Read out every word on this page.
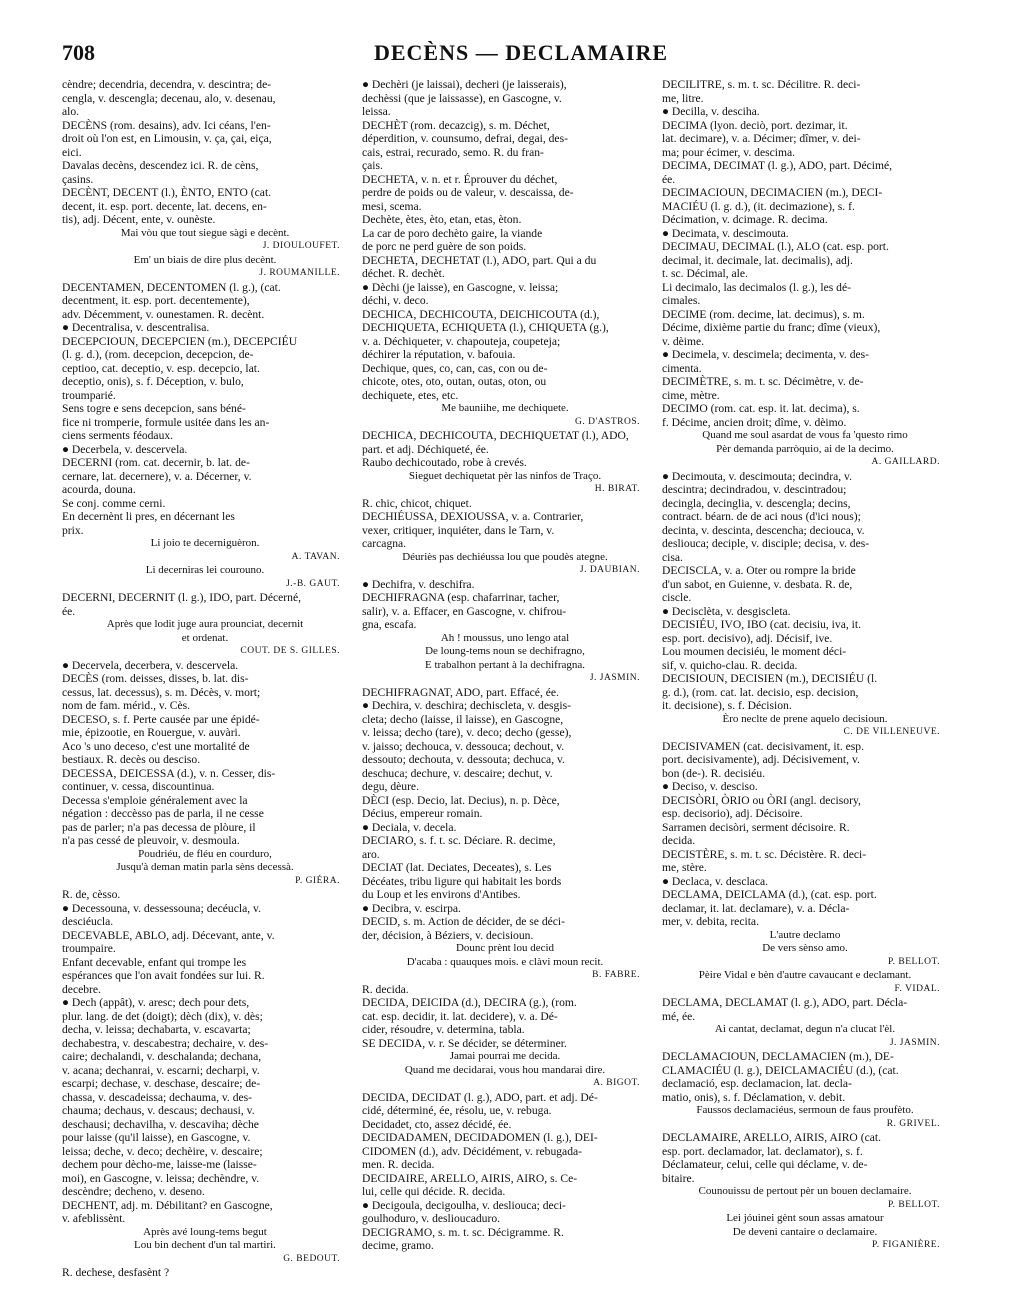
708	DECÈNS — DECLAMAIRE
cèndre; decendria, decendra, v. descintra; de-
cengla, v. descengla; decenau, alo, v. desenau,
alo.
DECÈNS (rom. desains), adv. Ici céans, l'en-
droit où l'on est, en Limousin, v. ça, çai, eiça,
eici.
Davalas decèns, descendez ici. R. de cèns,
çasins.
DECÈNT, DECENT (l.), ÈNTO, ENTO (cat.
decent, it. esp. port. decente, lat. decens, en-
tis), adj. Décent, ente, v. ounèste.
Mai vòu que tout siegue sàgi e decènt.
J. DIOULOUFET.
Em' un biais de dire plus decènt.
J. ROUMANILLE.
DECENTAMEN, DECENTOMEN (l. g.), (cat.
decentment, it. esp. port. decentemente),
adv. Décemment, v. ounestamen. R. decènt.
● Decentralisa, v. descentralisa.
DECEPCIOUN, DECEPCIEN (m.), DECEPCIÉU
(l. g. d.), (rom. decepcion, decepcion, de-
ceptioo, cat. deceptio, v. esp. decepcio, lat.
deceptio, onis), s. f. Déception, v. bulo,
troumparié.
Sens togre e sens decepcion, sans béné-
fice ni tromperie, formule usitée dans les an-
ciens serments féodaux.
● Decerbela, v. descervela.
DECERNI (rom. cat. decernir, b. lat. de-
cernare, lat. decernere), v. a. Décerner, v.
acourda, douna.
Se conj. comme cerni.
En decernènt li pres, en décernant les
prix.
Li joio te decerniguèron.
A. TAVAN.
Li decerniras lei courouno.
J.-B. GAUT.
DECERNI, DECERNIT (l. g.), IDO, part. Décerné,
ée.
Après que lodit juge aura prounciat, decernit
et ordenat.
COUT. DE S. GILLES.
● Decervela, decerbera, v. descervela.
DECÈS (rom. deisses, disses, b. lat. dis-
cessus, lat. decessus), s. m. Décès, v. mort;
nom de fam. mérid., v. Cès.
DECESO, s. f. Perte causée par une épidé-
mie, épizootie, en Rouergue, v. auvàri.
Aco 's uno deceso, c'est une mortalité de
bestiaux. R. decès ou desciso.
DECESSA, DEICESSA (d.), v. n. Cesser, dis-
continuer, v. cessa, discountinua.
Decessa s'emploie généralement avec la
négation : deccèsso pas de parla, il ne cesse
pas de parler; n'a pas decessa de plòure, il
n'a pas cessé de pleuvoir, v. desmoula.
Poudriéu, de fléu en courduro,
Jusqu'à deman matin parla sèns decessà.
P. GIÉRA.
R. de, cèsso.
● Decessouna, v. dessessouna; decéucla, v.
desciéucla.
DECEVABLE, ABLO, adj. Décevant, ante, v.
troumpaire.
Enfant decevable, enfant qui trompe les
espérances que l'on avait fondées sur lui. R.
decebre.
● Dech (appât), v. aresc; dech pour dets,
plur. lang. de det (doigt); dèch (dix), v. dès;
decha, v. leissa; dechabarta, v. escavarta;
dechabestra, v. descabestra; dechaire, v. des-
caire; dechalandi, v. deschalanda; dechana,
v. acana; dechanrai, v. escarni; decharpi, v.
escarpi; dechase, v. deschase, descaire; de-
chassa, v. descadeissa; dechauma, v. des-
chauma; dechaus, v. descaus; dechausi, v.
deschausi; dechavilha, v. descaviha; dèche
pour laisse (qu'il laisse), en Gascogne, v.
leissa; deche, v. deco; dechèire, v. descaire;
dechem pour dècho-me, laisse-me (laisse-
moi), en Gascogne, v. leissa; dechèndre, v.
descèndre; decheno, v. deseno.
DECHENT, adj. m. Débilitant? en Gascogne,
v. afeblissènt.
Après avé loung-tems begut
Lou bin dechent d'un tal martiri.
G. BEDOUT.
R. dechese, desfasènt ?
● Dechèri (je laissai), decheri (je laisserais),
dechèssi (que je laissasse), en Gascogne, v.
leissa.
DECHÈT (rom. decazcig), s. m. Déchet,
déperdition, v. counsumo, defrai, degai, des-
cais, estrai, recurado, semo. R. du fran-
çais.
DECHETA, v. n. et r. Éprouver du déchet,
perdre de poids ou de valeur, v. descaissa, de-
mesi, scema.
Dechète, ètes, èto, etan, etas, èton.
La car de poro dechèto gaire, la viande
de porc ne perd guère de son poids.
DECHETA, DECHETAT (l.), ADO, part. Qui a du
déchet. R. dechèt.
● Dèchi (je laisse), en Gascogne, v. leissa;
déchi, v. deco.
DECHICA, DECHICOUTA, DEICHICOUTA (d.),
DECHIQUETA, ECHIQUETA (l.), CHIQUETA (g.),
v. a. Déchiqueter, v. chapouteja, coupeteja;
déchirer la réputation, v. bafouia.
Dechique, ques, co, can, cas, con ou de-
chicote, otes, oto, outan, outas, oton, ou
dechiquete, etes, etc.
Me bauniihe, me dechiquete.
G. D'ASTROS.
DECHICA, DECHICOUTA, DECHIQUETAT (l.), ADO,
part. et adj. Déchiqueté, ée.
Raubo dechicoutado, robe à crevés.
Sieguet dechiquetat pèr las ninfos de Traço.
H. BIRAT.
R. chic, chicot, chiquet.
DECHIÉUSSA, DEXIOUSSA, v. a. Contrarier,
vexer, critiquer, inquiéter, dans le Tarn, v.
carcagna.
Déuriès pas dechiéussa lou que poudès ategne.
J. DAUBIAN.
● Dechifra, v. deschifra.
DECHIFRAGNA (esp. chafarrinar, tacher,
salir), v. a. Effacer, en Gascogne, v. chifrou-
gna, escafa.
Ah ! moussus, uno lengo atal
De loung-tems noun se dechifragno,
E trabalhon pertant à la dechifragna.
J. JASMIN.
DECHIFRAGNAT, ADO, part. Effacé, ée.
● Dechira, v. deschira; dechiscleta, v. desgis-
cleta; decho (laisse, il laisse), en Gascogne,
v. leissa; decho (tare), v. deco; decho (gesse),
v. jaisso; dechouca, v. dessouca; dechout, v.
dessouto; dechouta, v. dessouta; dechuca, v.
deschuca; dechure, v. descaire; dechut, v.
degu, dèure.
DÈCI (esp. Decio, lat. Decius), n. p. Dèce,
Décius, empereur romain.
● Deciala, v. decela.
DECIARO, s. f. t. sc. Déciare. R. decime,
aro.
DECIAT (lat. Deciates, Deceates), s. Les
Décéates, tribu ligure qui habitait les bords
du Loup et les environs d'Antibes.
● Decibra, v. escirpa.
DECID, s. m. Action de décider, de se déci-
der, décision, à Béziers, v. decisioun.
Dounc prènt lou decid
D'acaba : quauques mois. e clàvi moun recit.
B. FABRE.
R. decida.
DECIDA, DEICIDA (d.), DECIRA (g.), (rom.
cat. esp. decidir, it. lat. decidere), v. a. Dé-
cider, résoudre, v. determina, tabla.
SE DECIDA, v. r. Se décider, se déterminer.
Jamai pourrai me decida.
Quand me decidarai, vous hou mandarai dire.
A. BIGOT.
DECIDA, DECIDAT (l. g.), ADO, part. et adj. Dé-
cidé, déterminé, ée, résolu, ue, v. rebuga.
Decidadet, cto, assez décidé, ée.
DECIDADAMEN, DECIDADOMEN (l. g.), DEI-
CIDOMEN (d.), adv. Décidément, v. rebugada-
men. R. decida.
DECIDAIRE, ARELLO, AIRIS, AIRO, s. Ce-
lui, celle qui décide. R. decida.
● Decigoula, decigoulha, v. desliouca; deci-
goulhoduro, v. deslioucaduro.
DECIGRAMO, s. m. t. sc. Décigramme. R.
decime, gramo.
DECILITRE, s. m. t. sc. Décilitre. R. deci-
me, litre.
● Decilla, v. desciha.
DECIMA (lyon. deciò, port. dezimar, it.
lat. decimare), v. a. Décimer; dîmer, v. dei-
ma; pour écimer, v. descima.
DECIMA, DECIMAT (l. g.), ADO, part. Décimé,
ée.
DECIMACIOUN, DECIMACIEN (m.), DECI-
MACIÉU (l. g. d.), (it. decimazione), s. f.
Décimation, v. dcimage. R. decima.
● Decimata, v. descimouta.
DECIMAU, DECIMAL (l.), ALO (cat. esp. port.
decimal, it. decimale, lat. decimalis), adj.
t. sc. Décimal, ale.
Li decimalo, las decimalos (l. g.), les dé-
cimales.
DECIME (rom. decime, lat. decimus), s. m.
Décime, dixième partie du franc; dîme (vieux),
v. dèime.
● Decimela, v. descimela; decimenta, v. des-
cimenta.
DECIMÈTRE, s. m. t. sc. Décimètre, v. de-
cime, mètre.
DECIMO (rom. cat. esp. it. lat. decima), s.
f. Décime, ancien droit; dîme, v. dèimo.
Quand me soul asardat de vous fa 'questo rimo
Pèr demanda parròquio, ai de la decimo.
A. GAILLARD.
● Decimouta, v. descimouta; decindra, v.
descintra; decindradou, v. descintradou;
decingla, decinglia, v. descengla; decins,
contract. béarn. de de aci nous (d'ici nous);
decinta, v. descinta, descencha; deciouca, v.
desliouca; deciple, v. disciple; decisa, v. des-
cisa.
DECISCLA, v. a. Oter ou rompre la bride
d'un sabot, en Guienne, v. desbata. R. de,
ciscle.
● Decisclèta, v. desgiscleta.
DECISIÉU, IVO, IBO (cat. decisiu, iva, it.
esp. port. decisivo), adj. Décisif, ive.
Lou moumen decisiéu, le moment déci-
sif, v. quicho-clau. R. decida.
DECISIOUN, DECISIEN (m.), DECISIÉU (l.
g. d.), (rom. cat. lat. decisio, esp. decision,
it. decisione), s. f. Décision.
Èro neclte de prene aquelo decisioun.
C. DE VILLENEUVE.
DECISIVAMEN (cat. decisivament, it. esp.
port. decisivamente), adj. Décisivement, v.
bon (de-). R. decisiéu.
● Deciso, v. desciso.
DECISÒRI, ÒRIO ou ÒRI (angl. decisory,
esp. decisorio), adj. Décisoire.
Sarramen decisòri, serment décisoire. R.
decida.
DECISTÈRE, s. m. t. sc. Décistère. R. deci-
me, stère.
● Declaca, v. desclaca.
DECLAMA, DEICLAMA (d.), (cat. esp. port.
declamar, it. lat. declamare), v. a. Décla-
mer, v. debita, recita.
L'autre declamo
De vers sènso amo.
P. BELLOT.
Pèire Vidal e bèn d'autre cavaucant e declamant.
F. VIDAL.
DECLAMA, DECLAMAT (l. g.), ADO, part. Décla-
mé, ée.
Ai cantat, declamat, degun n'a clucat l'èl.
J. JASMIN.
DECLAMACIOUN, DECLAMACIEN (m.), DE-
CLAMACIÉU (l. g.), DEICLAMACIÉU (d.), (cat.
declamació, esp. declamacion, lat. decla-
matio, onis), s. f. Déclamation, v. debit.
Faussos declamaciéus, sermoun de faus proufèto.
R. GRIVEL.
DECLAMAIRE, ARELLO, AIRIS, AIRO (cat.
esp. port. declamador, lat. declamator), s. f.
Déclamateur, celui, celle qui déclame, v. de-
bitaire.
Counouissu de pertout pèr un bouen declamaire.
P. BELLOT.
Lei jóuinei gènt soun assas amatour
De deveni cantaire o declamaire.
P. FIGANIÈRE.
